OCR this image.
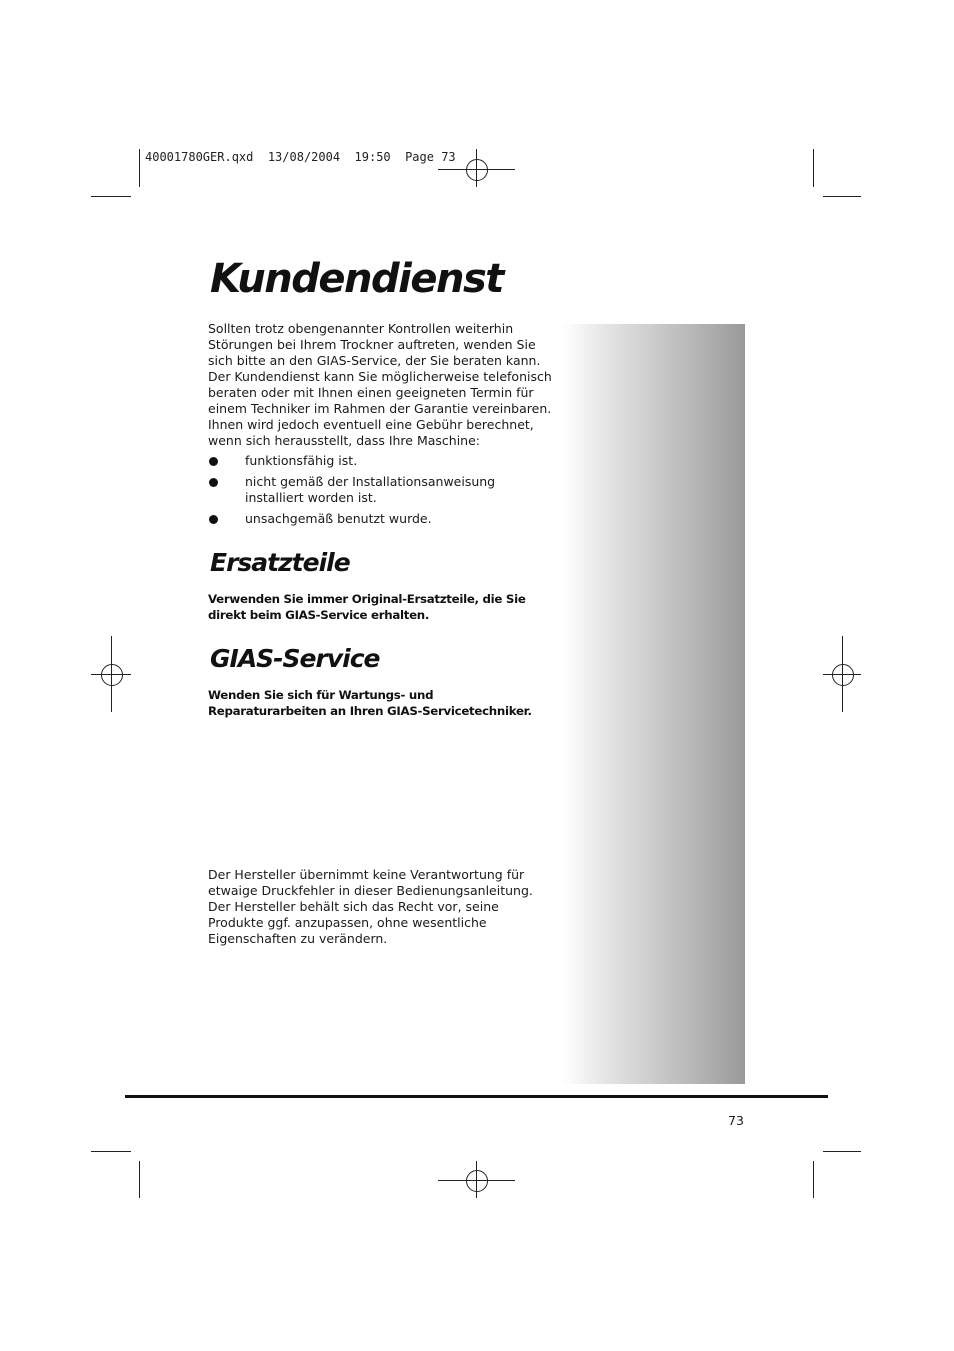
40001780GER.qxd  13/08/2004  19:50  Page 73
Kundendienst

Sollten trotz obengenannter Kontrollen weiterhin Störungen bei Ihrem Trockner auftreten, wenden Sie sich bitte an den GIAS-Service, der Sie beraten kann. Der Kundendienst kann Sie möglicherweise telefonisch beraten oder mit Ihnen einen geeigneten Termin für einem Techniker im Rahmen der Garantie vereinbaren. Ihnen wird jedoch eventuell eine Gebühr berechnet, wenn sich herausstellt, dass Ihre Maschine:

funktionsfähig ist.
nicht gemäß der Installationsanweisung installiert worden ist.
unsachgemäß benutzt wurde.
Ersatzteile

Verwenden Sie immer Original-Ersatzteile, die Sie direkt beim GIAS-Service erhalten.

GIAS-Service

Wenden Sie sich für Wartungs- und Reparaturarbeiten an Ihren GIAS-Servicetechniker.

Der Hersteller übernimmt keine Verantwortung für etwaige Druckfehler in dieser Bedienungsanleitung. Der Hersteller behält sich das Recht vor, seine Produkte ggf. anzupassen, ohne wesentliche Eigenschaften zu verändern.

73
